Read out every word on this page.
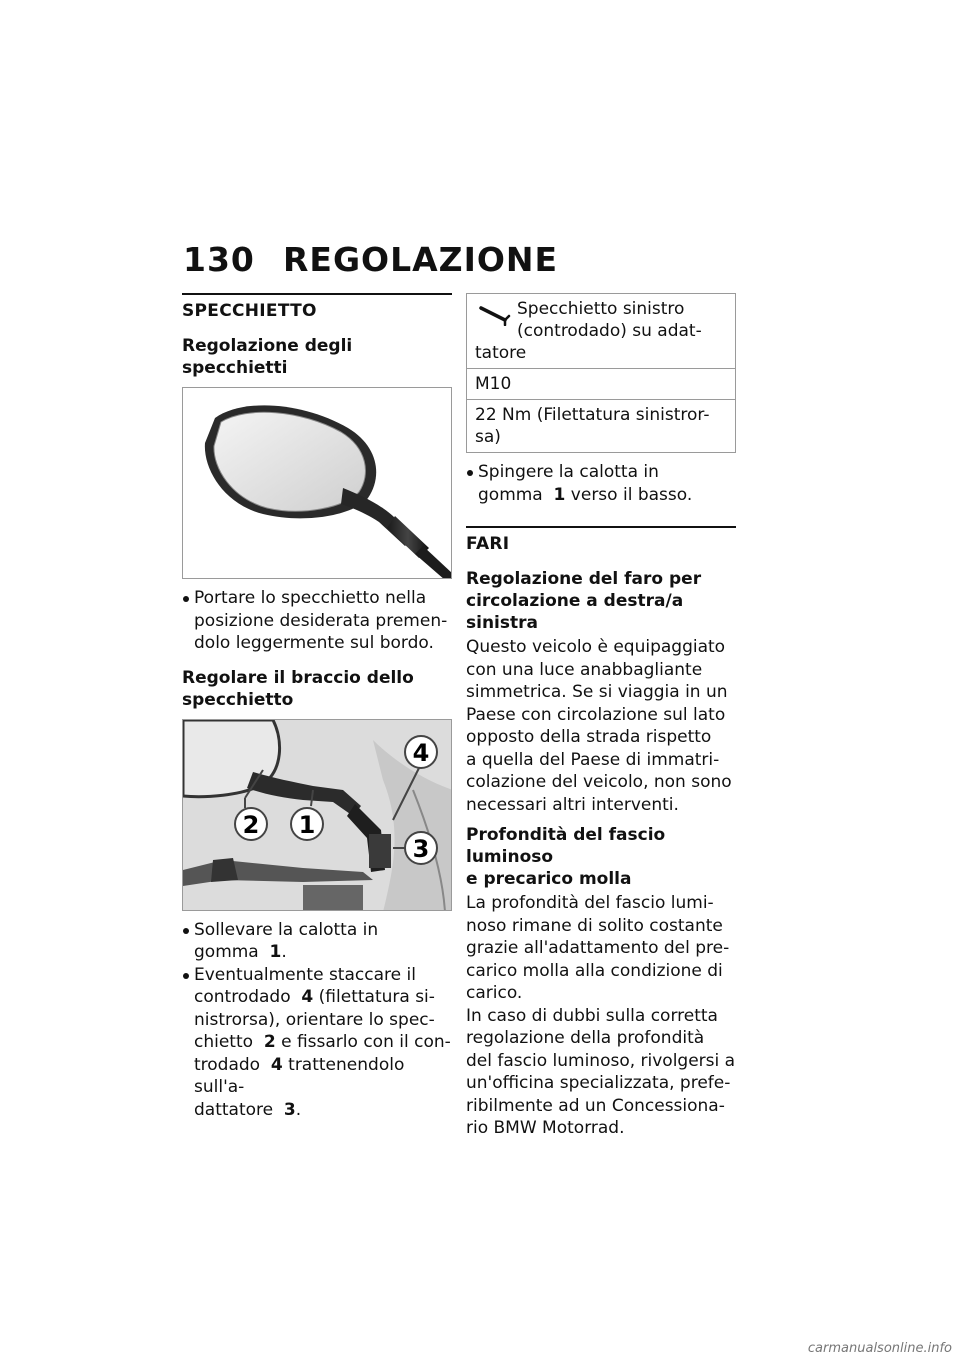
130 REGOLAZIONE
SPECCHIETTO
Regolazione degli specchietti

Portare lo specchietto nella
posizione desiderata premen-
dolo leggermente sul bordo.

Regolare il braccio dello
specchietto
2 1
4
3

Sollevare la calotta in
gomma 1.

Eventualmente staccare il
controdado 4 (filettatura si-
nistrorsa), orientare lo spec-
chietto 2 e fissarlo con il con-
trodado 4 trattenendolo sull'a-
dattatore 3.

Specchietto sinistro
(controdado) su adat-
tatore
M10
22 Nm (Filettatura sinistror-
sa)

Spingere la calotta in
gomma 1 verso il basso.

FARI
Regolazione del faro per
circolazione a destra/a
sinistra

Questo veicolo è equipaggiato
con una luce anabbagliante
simmetrica. Se si viaggia in un
Paese con circolazione sul lato
opposto della strada rispetto
a quella del Paese di immatri-
colazione del veicolo, non sono
necessari altri interventi.

Profondità del fascio luminoso
e precarico molla

La profondità del fascio lumi-
noso rimane di solito costante
grazie all'adattamento del pre-
carico molla alla condizione di
carico.

In caso di dubbi sulla corretta
regolazione della profondità
del fascio luminoso, rivolgersi a
un'officina specializzata, prefe-
ribilmente ad un Concessiona-
rio BMW Motorrad.

carmanualsonline.info
